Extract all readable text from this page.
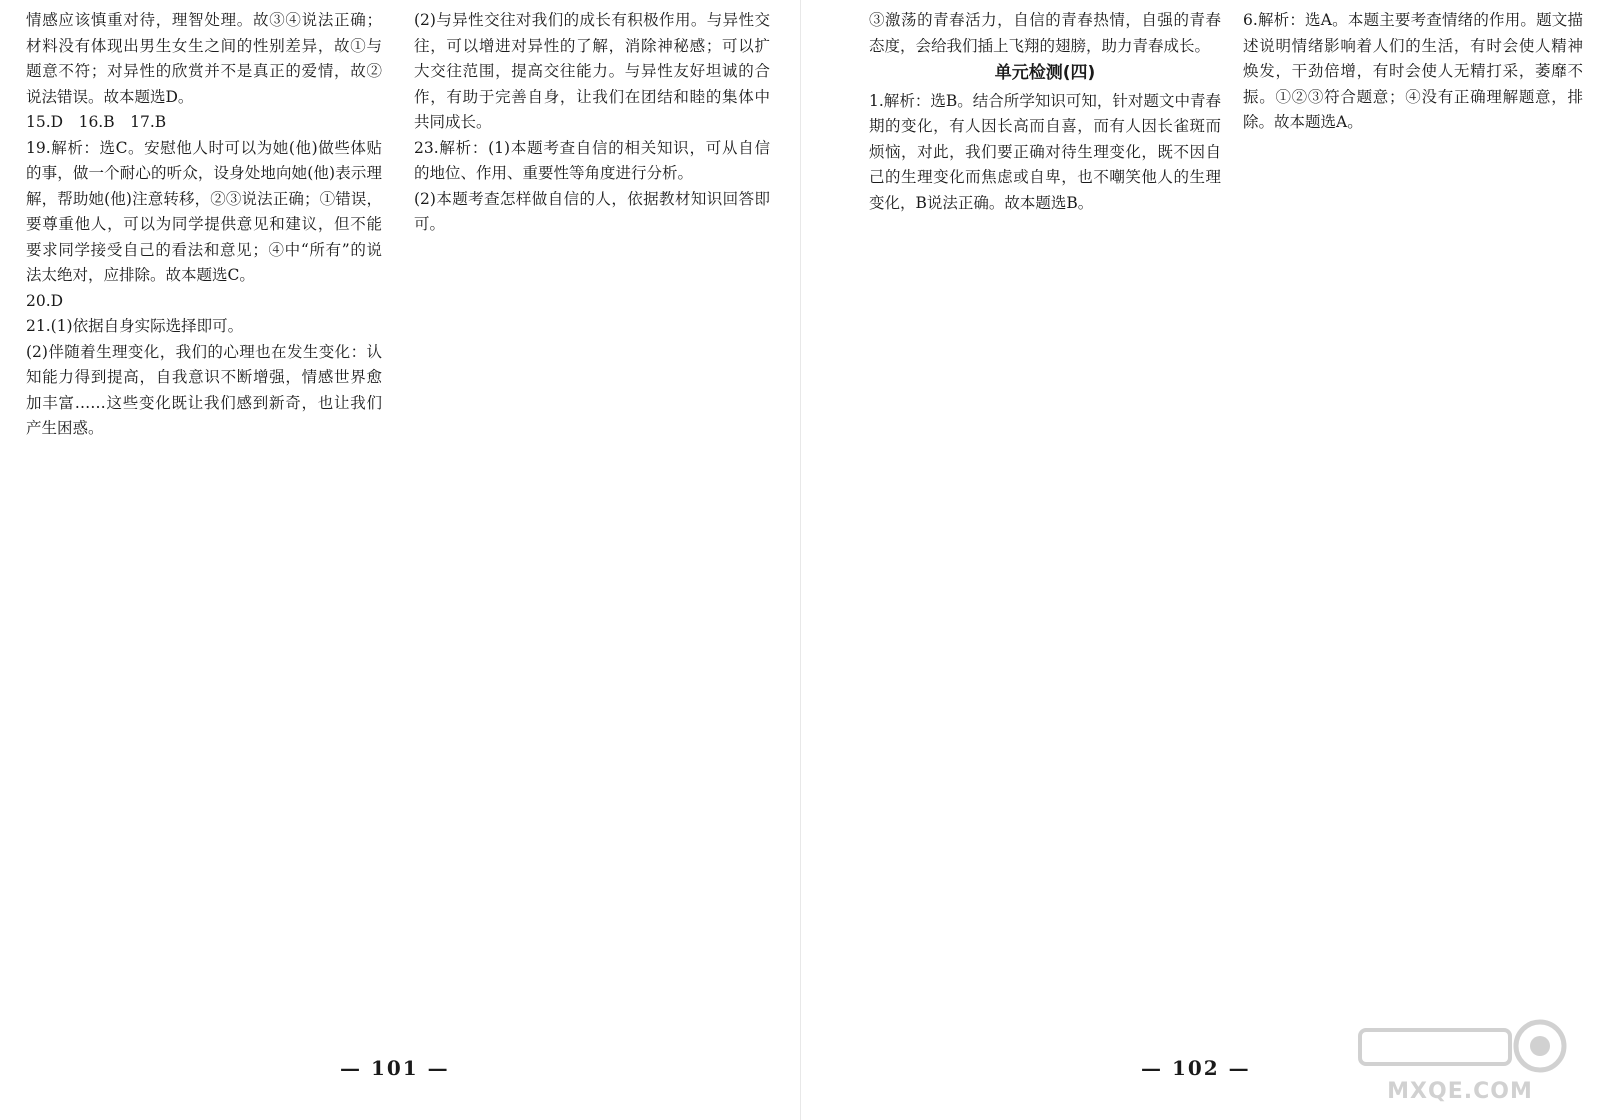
情感应该慎重对待，理智处理。故③④说法正确；材料没有体现出男生女生之间的性别差异，故①与题意不符；对异性的欣赏并不是真正的爱情，故②说法错误。故本题选D。

15.D　16.B　17.B

19.解析：选C。安慰他人时可以为她(他)做些体贴的事，做一个耐心的听众，设身处地向她(他)表示理解，帮助她(他)注意转移，②③说法正确；①错误，要尊重他人，可以为同学提供意见和建议，但不能要求同学接受自己的看法和意见；④中“所有”的说法太绝对，应排除。故本题选C。

20.D

21.(1)依据自身实际选择即可。

(2)伴随着生理变化，我们的心理也在发生变化：认知能力得到提高，自我意识不断增强，情感世界愈加丰富……这些变化既让我们感到新奇，也让我们产生困惑。

(2)与异性交往对我们的成长有积极作用。与异性交往，可以增进对异性的了解，消除神秘感；可以扩大交往范围，提高交往能力。与异性友好坦诚的合作，有助于完善自身，让我们在团结和睦的集体中共同成长。

23.解析：(1)本题考查自信的相关知识，可从自信的地位、作用、重要性等角度进行分析。

(2)本题考查怎样做自信的人，依据教材知识回答即可。

— 101 —

③激荡的青春活力，自信的青春热情，自强的青春态度，会给我们插上飞翔的翅膀，助力青春成长。

单元检测(四)

1.解析：选B。结合所学知识可知，针对题文中青春期的变化，有人因长高而自喜，而有人因长雀斑而烦恼，对此，我们要正确对待生理变化，既不因自己的生理变化而焦虑或自卑，也不嘲笑他人的生理变化，B说法正确。故本题选B。

6.解析：选A。本题主要考查情绪的作用。题文描述说明情绪影响着人们的生活，有时会使人精神焕发，干劲倍增，有时会使人无精打采，萎靡不振。①②③符合题意；④没有正确理解题意，排除。故本题选A。

— 102 —
MXQE.COM
